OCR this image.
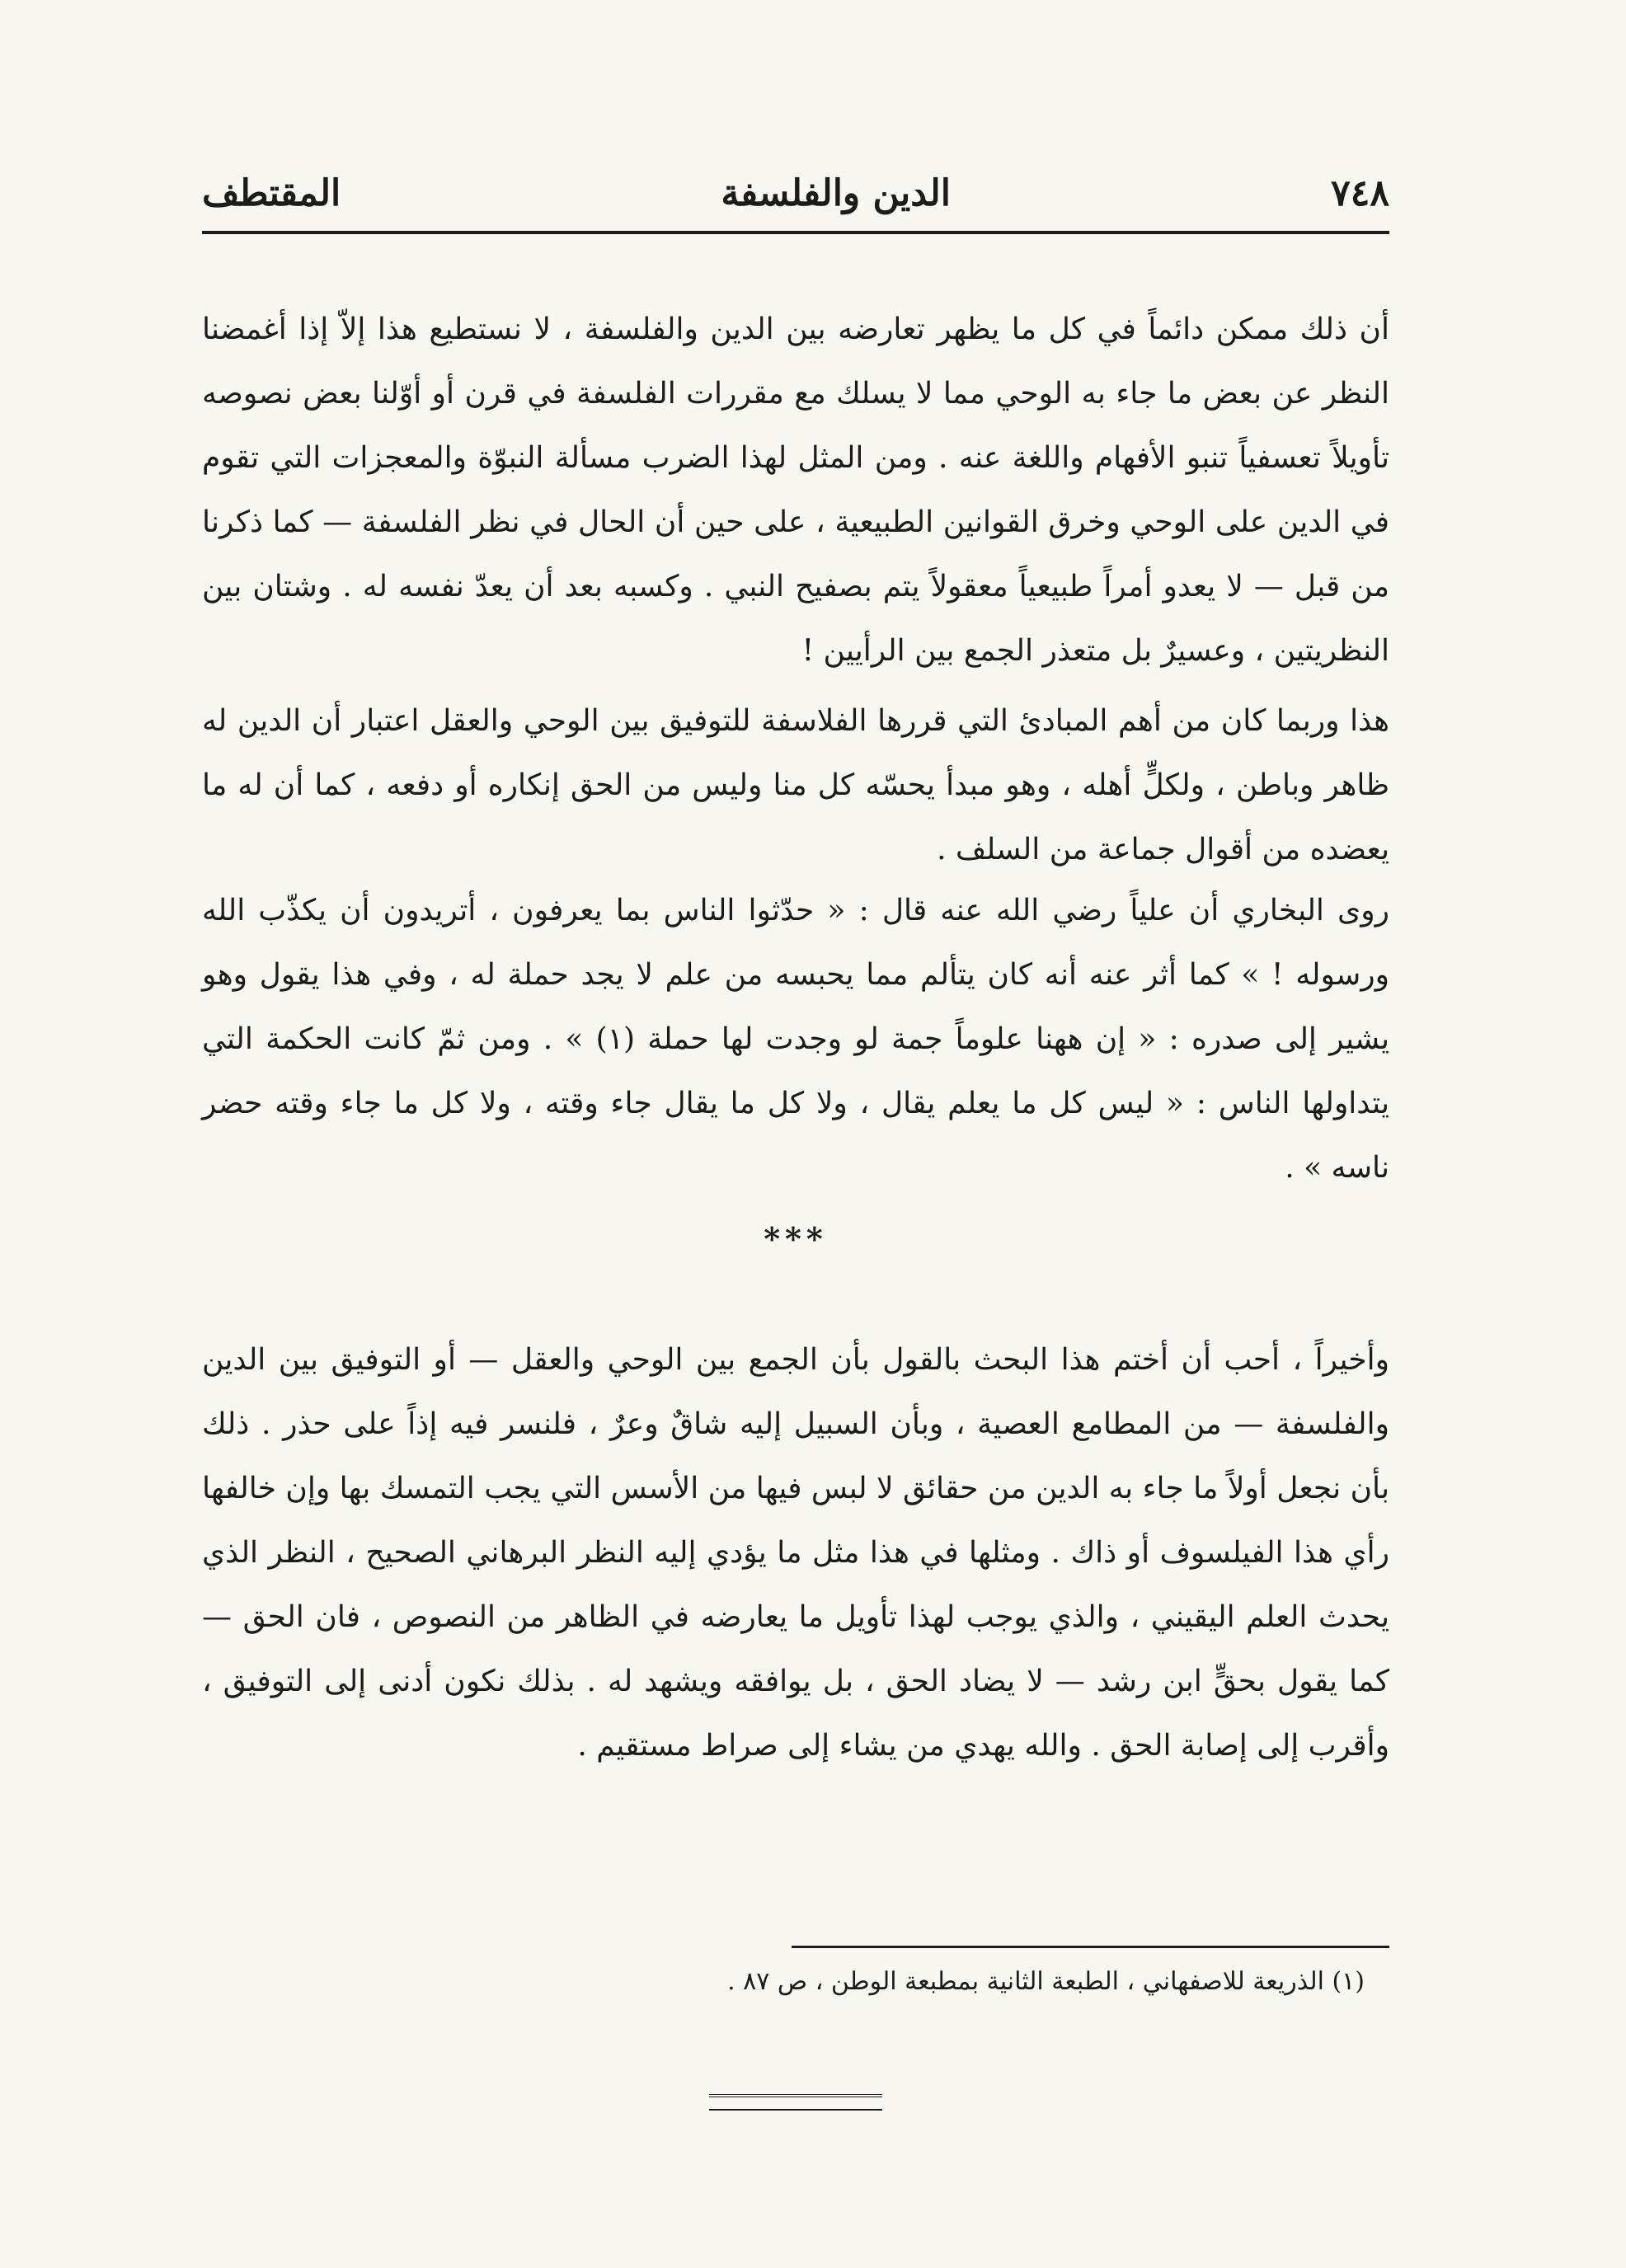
٧٤٨
الدين والفلسفة
المقتطف

أن ذلك ممكن دائماً في كل ما يظهر تعارضه بين الدين والفلسفة ، لا نستطيع هذا إلاّ إذا أغمضنا النظر عن بعض ما جاء به الوحي مما لا يسلك مع مقررات الفلسفة في قرن أو أوّلنا بعض نصوصه تأويلاً تعسفياً تنبو الأفهام واللغة عنه . ومن المثل لهذا الضرب مسألة النبوّة والمعجزات التي تقوم في الدين على الوحي وخرق القوانين الطبيعية ، على حين أن الحال في نظر الفلسفة — كما ذكرنا من قبل — لا يعدو أمراً طبيعياً معقولاً يتم بصفيح النبي . وكسبه بعد أن يعدّ نفسه له . وشتان بين النظريتين ، وعسيرٌ بل متعذر الجمع بين الرأيين !

هذا وربما كان من أهم المبادئ التي قررها الفلاسفة للتوفيق بين الوحي والعقل اعتبار أن الدين له ظاهر وباطن ، ولكلٍّ أهله ، وهو مبدأ يحسّه كل منا وليس من الحق إنكاره أو دفعه ، كما أن له ما يعضده من أقوال جماعة من السلف .

روى البخاري أن علياً رضي الله عنه قال : « حدّثوا الناس بما يعرفون ، أتريدون أن يكذّب الله ورسوله ! » كما أثر عنه أنه كان يتألم مما يحبسه من علم لا يجد حملة له ، وفي هذا يقول وهو يشير إلى صدره : « إن ههنا علوماً جمة لو وجدت لها حملة (١) » . ومن ثمّ كانت الحكمة التي يتداولها الناس : « ليس كل ما يعلم يقال ، ولا كل ما يقال جاء وقته ، ولا كل ما جاء وقته حضر ناسه » .

***

وأخيراً ، أحب أن أختم هذا البحث بالقول بأن الجمع بين الوحي والعقل — أو التوفيق بين الدين والفلسفة — من المطامع العصية ، وبأن السبيل إليه شاقٌ وعرٌ ، فلنسر فيه إذاً على حذر . ذلك بأن نجعل أولاً ما جاء به الدين من حقائق لا لبس فيها من الأسس التي يجب التمسك بها وإن خالفها رأي هذا الفيلسوف أو ذاك . ومثلها في هذا مثل ما يؤدي إليه النظر البرهاني الصحيح ، النظر الذي يحدث العلم اليقيني ، والذي يوجب لهذا تأويل ما يعارضه في الظاهر من النصوص ، فان الحق — كما يقول بحقٍّ ابن رشد — لا يضاد الحق ، بل يوافقه ويشهد له . بذلك نكون أدنى إلى التوفيق ، وأقرب إلى إصابة الحق . والله يهدي من يشاء إلى صراط مستقيم .

(١) الذريعة للاصفهاني ، الطبعة الثانية بمطبعة الوطن ، ص ٨٧ .
